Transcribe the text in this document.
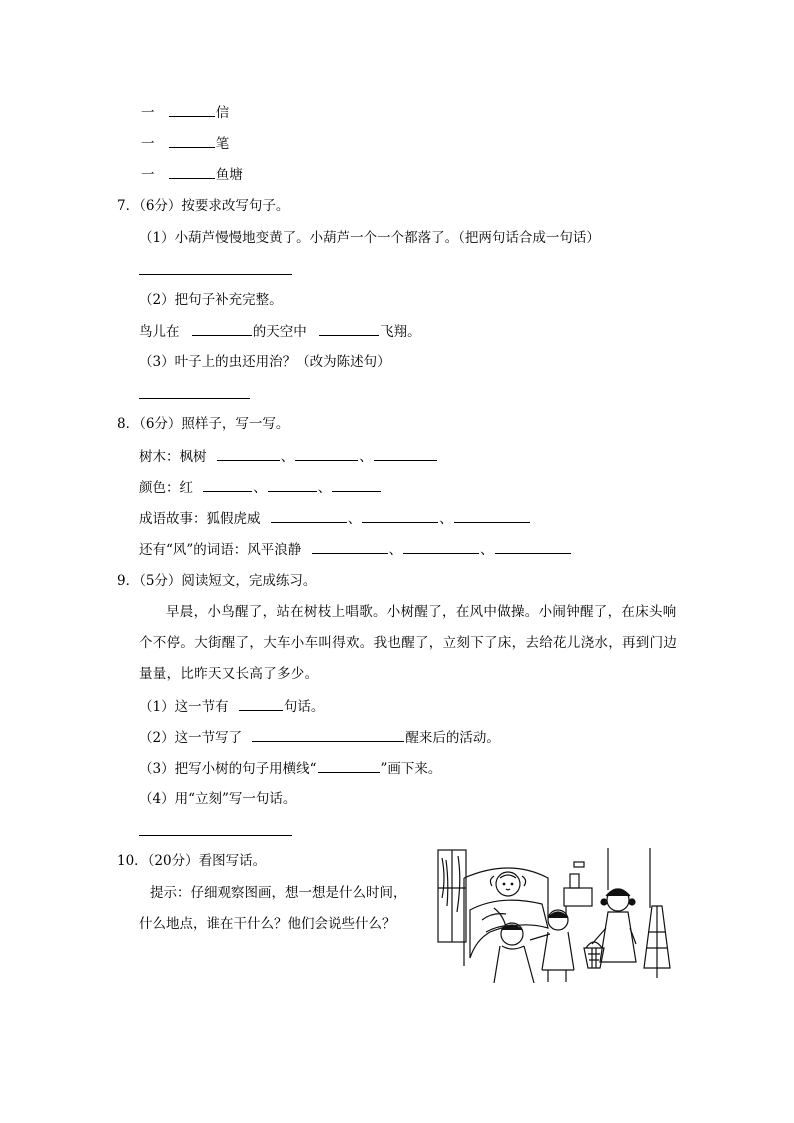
一	信
一	笔
一	鱼塘
7．（6分）按要求改写句子。
（1）小葫芦慢慢地变黄了。小葫芦一个一个都落了。（把两句话合成一句话）
（2）把句子补充完整。
鸟儿在	的天空中	飞翔。
（3）叶子上的虫还用治？（改为陈述句）
8．（6分）照样子，写一写。
树木：枫树	、	、
颜色：红	、	、
成语故事：狐假虎威	、	、
还有“风”的词语：风平浪静	、	、
9．（5分）阅读短文，完成练习。
早晨，小鸟醒了，站在树枝上唱歌。小树醒了，在风中做操。小闹钟醒了，在床头响个不停。大街醒了，大车小车叫得欢。我也醒了，立刻下了床，去给花儿浇水，再到门边量量，比昨天又长高了多少。
（1）这一节有	句话。
（2）这一节写了	醒来后的活动。
（3）把写小树的句子用横线“	”画下来。
（4）用“立刻”写一句话。
10．（20分）看图写话。
提示：仔细观察图画，想一想是什么时间，
什么地点，谁在干什么？他们会说些什么？
